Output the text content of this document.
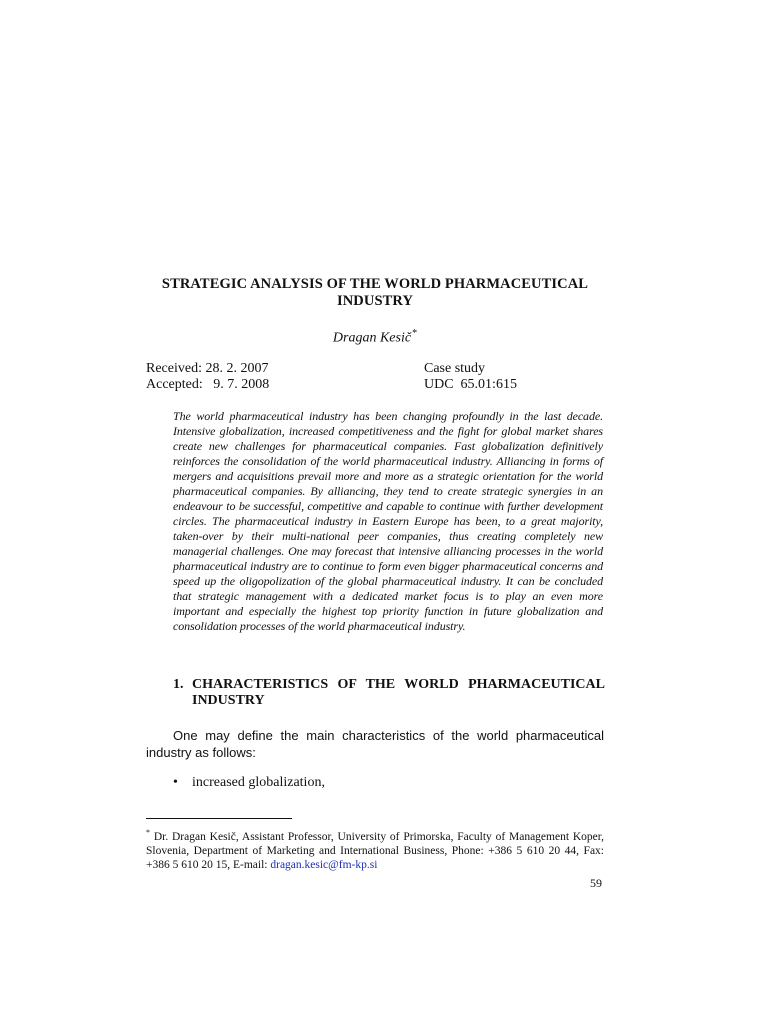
STRATEGIC ANALYSIS OF THE WORLD PHARMACEUTICAL
INDUSTRY
Dragan Kesič*
Received: 28. 2. 2007
Accepted:   9. 7. 2008
Case study
UDC  65.01:615
The world pharmaceutical industry has been changing profoundly in the last decade. Intensive globalization, increased competitiveness and the fight for global market shares create new challenges for pharmaceutical companies. Fast globalization definitively reinforces the consolidation of the world pharmaceutical industry. Alliancing in forms of mergers and acquisitions prevail more and more as a strategic orientation for the world pharmaceutical companies. By alliancing, they tend to create strategic synergies in an endeavour to be successful, competitive and capable to continue with further development circles. The pharmaceutical industry in Eastern Europe has been, to a great majority, taken-over by their multi-national peer companies, thus creating completely new managerial challenges. One may forecast that intensive alliancing processes in the world pharmaceutical industry are to continue to form even bigger pharmaceutical concerns and speed up the oligopolization of the global pharmaceutical industry. It can be concluded that strategic management with a dedicated market focus is to play an even more important and especially the highest top priority function in future globalization and consolidation processes of the world pharmaceutical industry.
1. CHARACTERISTICS OF THE WORLD PHARMACEUTICAL
INDUSTRY
One may define the main characteristics of the world pharmaceutical industry as follows:
•	increased globalization,
* Dr. Dragan Kesič, Assistant Professor, University of Primorska, Faculty of Management Koper, Slovenia, Department of Marketing and International Business, Phone: +386 5 610 20 44, Fax: +386 5 610 20 15, E-mail: dragan.kesic@fm-kp.si
59
